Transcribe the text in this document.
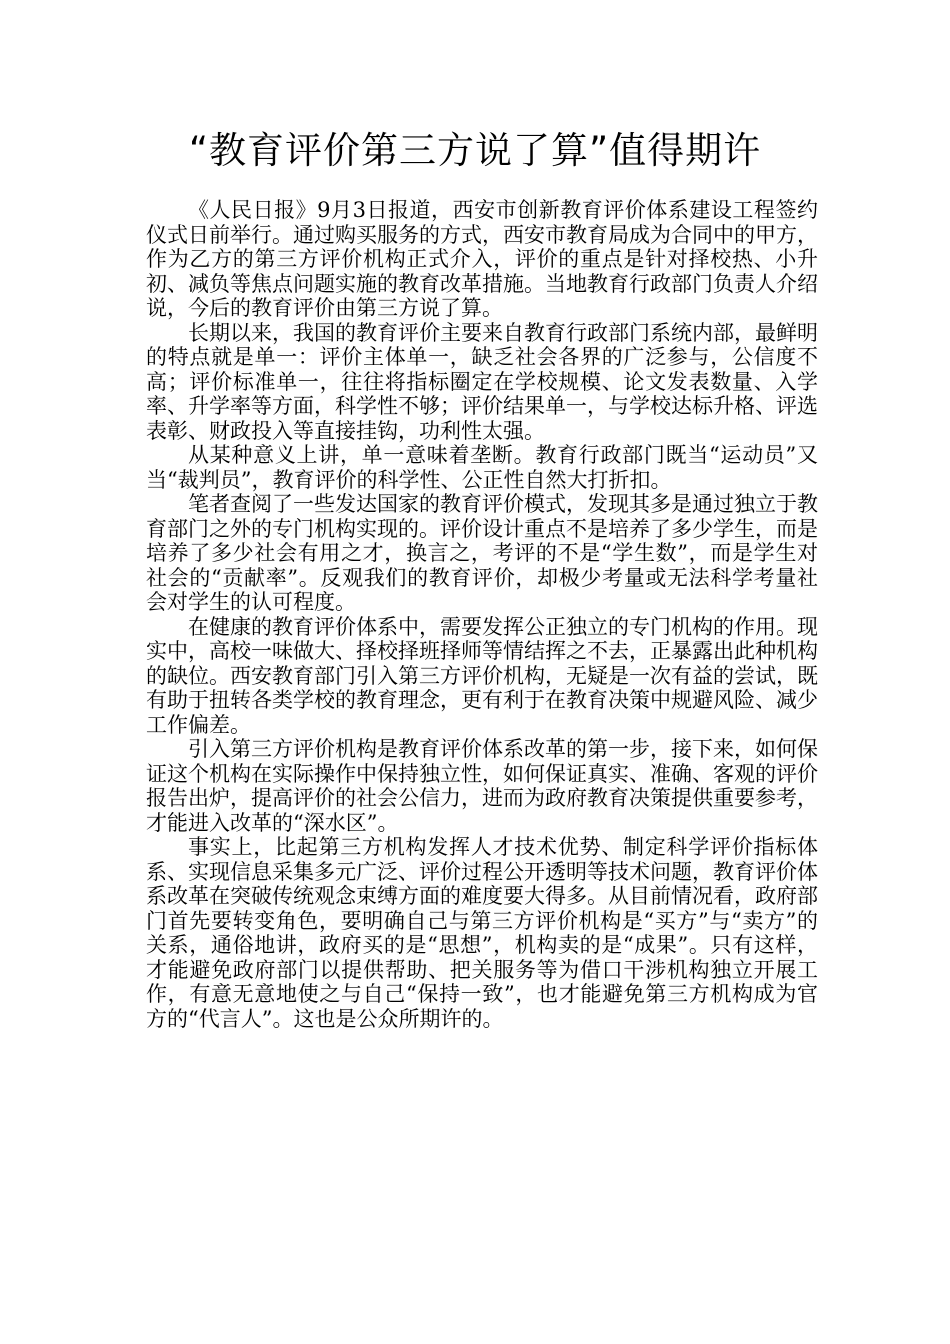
“教育评价第三方说了算”值得期许

《人民日报》9月3日报道，西安市创新教育评价体系建设工程签约仪式日前举行。通过购买服务的方式，西安市教育局成为合同中的甲方，作为乙方的第三方评价机构正式介入，评价的重点是针对择校热、小升初、减负等焦点问题实施的教育改革措施。当地教育行政部门负责人介绍说，今后的教育评价由第三方说了算。

长期以来，我国的教育评价主要来自教育行政部门系统内部，最鲜明的特点就是单一：评价主体单一，缺乏社会各界的广泛参与，公信度不高；评价标准单一，往往将指标圈定在学校规模、论文发表数量、入学率、升学率等方面，科学性不够；评价结果单一，与学校达标升格、评选表彰、财政投入等直接挂钩，功利性太强。

从某种意义上讲，单一意味着垄断。教育行政部门既当“运动员”又当“裁判员”，教育评价的科学性、公正性自然大打折扣。

笔者查阅了一些发达国家的教育评价模式，发现其多是通过独立于教育部门之外的专门机构实现的。评价设计重点不是培养了多少学生，而是培养了多少社会有用之才，换言之，考评的不是“学生数”，而是学生对社会的“贡献率”。反观我们的教育评价，却极少考量或无法科学考量社会对学生的认可程度。

在健康的教育评价体系中，需要发挥公正独立的专门机构的作用。现实中，高校一味做大、择校择班择师等情结挥之不去，正暴露出此种机构的缺位。西安教育部门引入第三方评价机构，无疑是一次有益的尝试，既有助于扭转各类学校的教育理念，更有利于在教育决策中规避风险、减少工作偏差。

引入第三方评价机构是教育评价体系改革的第一步，接下来，如何保证这个机构在实际操作中保持独立性，如何保证真实、准确、客观的评价报告出炉，提高评价的社会公信力，进而为政府教育决策提供重要参考，才能进入改革的“深水区”。

事实上，比起第三方机构发挥人才技术优势、制定科学评价指标体系、实现信息采集多元广泛、评价过程公开透明等技术问题，教育评价体系改革在突破传统观念束缚方面的难度要大得多。从目前情况看，政府部门首先要转变角色，要明确自己与第三方评价机构是“买方”与“卖方”的关系，通俗地讲，政府买的是“思想”，机构卖的是“成果”。只有这样，才能避免政府部门以提供帮助、把关服务等为借口干涉机构独立开展工作，有意无意地使之与自己“保持一致”，也才能避免第三方机构成为官方的“代言人”。这也是公众所期许的。
